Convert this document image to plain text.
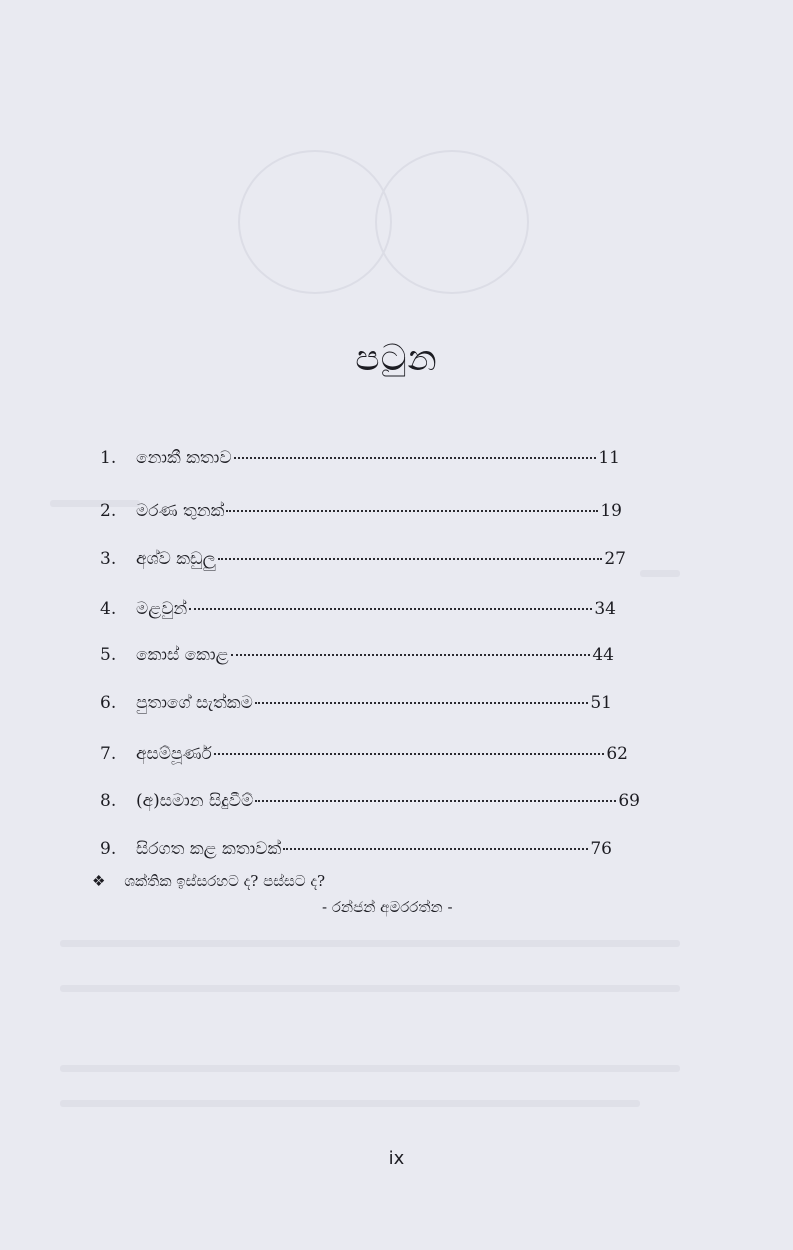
පටුන
1.	නොකී කතාව	11
2.	මරණ තුනක්	19
3.	අශ්ව කඩුලු	27
4.	මළවුන්	34
5.	කොස් කොළ	44
6.	පුතාගේ සැත්කම	51
7.	අසම්පූර්ණ	62
8.	(අ)සමාන සිදුවීම්	69
9.	සිරගත කළ කතාවක්	76
❖ ශක්තික ඉස්සරහට ද? පස්සට ද?
- රන්ජන් අමරරත්න -
ix
